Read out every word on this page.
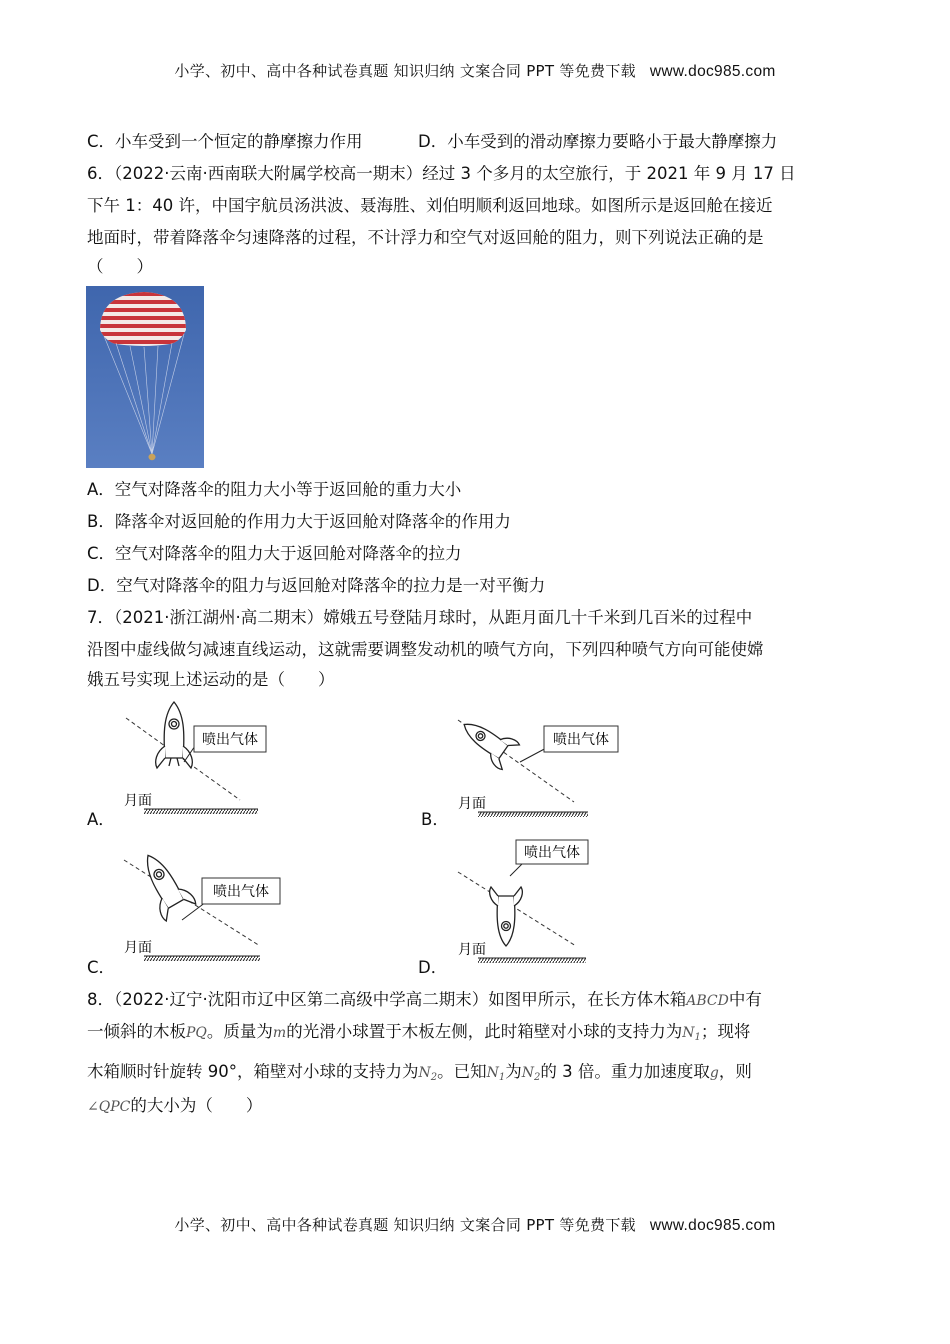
小学、初中、高中各种试卷真题 知识归纳 文案合同 PPT 等免费下载 www.doc985.com
小学、初中、高中各种试卷真题 知识归纳 文案合同 PPT 等免费下载 www.doc985.com
C．小车受到一个恒定的静摩擦力作用	D．小车受到的滑动摩擦力要略小于最大静摩擦力
6．（2022·云南·西南联大附属学校高一期末）经过 3 个多月的太空旅行，于 2021 年 9 月 17 日
下午 1：40 许，中国宇航员汤洪波、聂海胜、刘伯明顺利返回地球。如图所示是返回舱在接近
地面时，带着降落伞匀速降落的过程，不计浮力和空气对返回舱的阻力，则下列说法正确的是
（　　）
A．空气对降落伞的阻力大小等于返回舱的重力大小
B．降落伞对返回舱的作用力大于返回舱对降落伞的作用力
C．空气对降落伞的阻力大于返回舱对降落伞的拉力
D．空气对降落伞的阻力与返回舱对降落伞的拉力是一对平衡力
7．（2021·浙江湖州·高二期末）嫦娥五号登陆月球时，从距月面几十千米到几百米的过程中
沿图中虚线做匀减速直线运动，这就需要调整发动机的喷气方向，下列四种喷气方向可能使嫦
娥五号实现上述运动的是（　　）
喷出气体
月面
A．
喷出气体
月面
B．
喷出气体
月面
C．
喷出气体
月面
D．
8．（2022·辽宁·沈阳市辽中区第二高级中学高二期末）如图甲所示，在长方体木箱ABCD中有
一倾斜的木板PQ。质量为m的光滑小球置于木板左侧，此时箱壁对小球的支持力为$N_1$；现将
木箱顺时针旋转 90°，箱壁对小球的支持力为$N_2$。已知$N_1$为$N_2$的 3 倍。重力加速度取g，则
∠QPC的大小为（　　）
